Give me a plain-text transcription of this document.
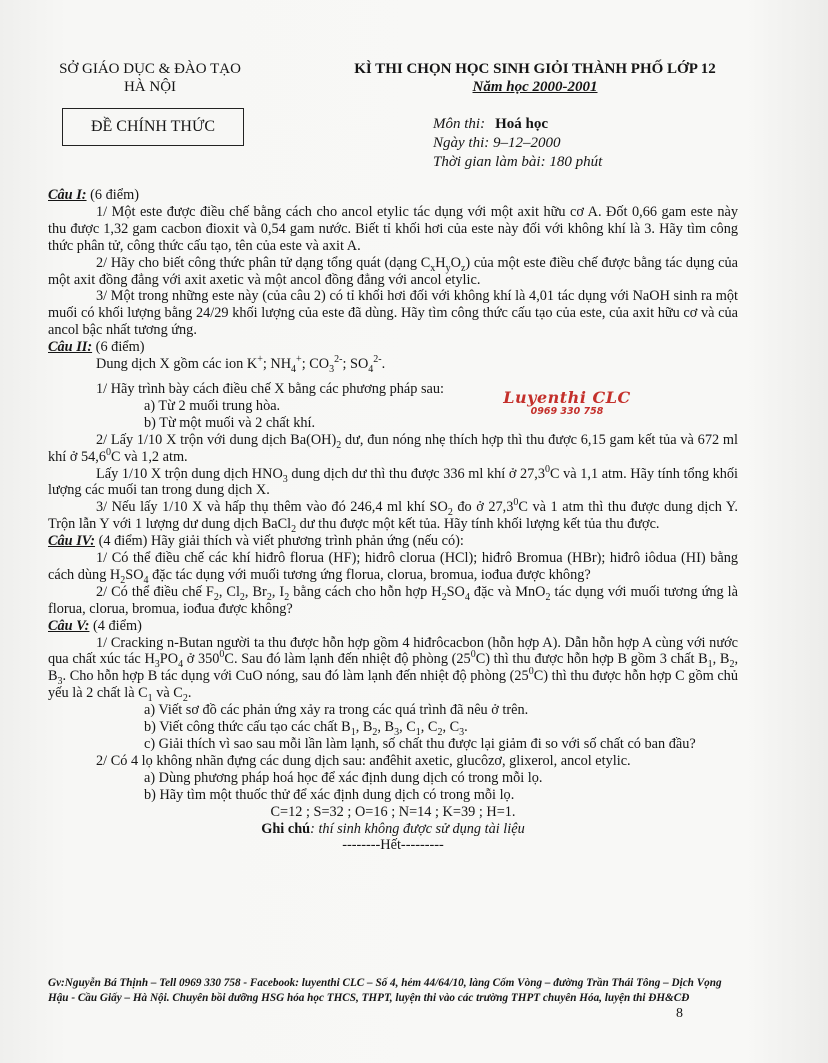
SỞ GIÁO DỤC & ĐÀO TẠO
HÀ NỘI
KÌ THI CHỌN HỌC SINH GIỎI THÀNH PHỐ LỚP 12
Năm học 2000-2001
ĐỀ CHÍNH THỨC	Môn thi: Hoá học
Ngày thi: 9–12–2000
Thời gian làm bài: 180 phút

Câu I: (6 điểm)

1/ Một este được điều chế bằng cách cho ancol etylic tác dụng với một axit hữu cơ A. Đốt 0,66 gam este này thu được 1,32 gam cacbon đioxit và 0,54 gam nước. Biết tỉ khối hơi của este này đối với không khí là 3. Hãy tìm công thức phân tử, công thức cấu tạo, tên của este và axit A.

2/ Hãy cho biết công thức phân tử dạng tổng quát (dạng $C_xH_yO_z$) của một este điều chế được bằng tác dụng của một axit đồng đẳng với axit axetic và một ancol đồng đẳng với ancol etylic.

3/ Một trong những este này (của câu 2) có tỉ khối hơi đối với không khí là 4,01 tác dụng với NaOH sinh ra một muối có khối lượng bằng 24/29 khối lượng của este đã dùng. Hãy tìm công thức cấu tạo của este, của axit hữu cơ và của ancol bậc nhất tương ứng.

Câu II: (6 điểm)

Dung dịch X gồm các ion K+; $NH_4^+$; $CO_3^{2-}$; $SO_4^{2-}$.

1/ Hãy trình bày cách điều chế X bằng các phương pháp sau:

a) Từ 2 muối trung hòa.

b) Từ một muối và 2 chất khí.

2/ Lấy 1/10 X trộn với dung dịch $Ba(OH)_2$ dư, đun nóng nhẹ thích hợp thì thu được 6,15 gam kết tủa và 672 ml khí ở 54,6$^0$C và 1,2 atm.

Lấy 1/10 X trộn dung dịch $HNO_3$ dung dịch dư thì thu được 336 ml khí ở 27,3$^0$C và 1,1 atm. Hãy tính tổng khối lượng các muối tan trong dung dịch X.

3/ Nếu lấy 1/10 X và hấp thụ thêm vào đó 246,4 ml khí $SO_2$ đo ở 27,3$^0$C và 1 atm thì thu được dung dịch Y. Trộn lẫn Y với 1 lượng dư dung dịch BaCl$_2$ dư thu được một kết tủa. Hãy tính khối lượng kết tủa thu được.

Câu IV: (4 điểm) Hãy giải thích và viết phương trình phản ứng (nếu có):

1/ Có thể điều chế các khí hiđrô florua (HF); hiđrô clorua (HCl); hiđrô Bromua (HBr); hiđrô iôdua (HI) bằng cách dùng $H_2SO_4$ đặc tác dụng với muối tương ứng florua, clorua, bromua, iođua được không?

2/ Có thể điều chế $F_2$, $Cl_2$, $Br_2$, $I_2$ bằng cách cho hỗn hợp $H_2SO_4$ đặc và MnO$_2$ tác dụng với muối tương ứng là florua, clorua, bromua, iođua được không?

Câu V: (4 điểm)

1/ Cracking n-Butan người ta thu được hỗn hợp gồm 4 hiđrôcacbon (hỗn hợp A). Dẫn hỗn hợp A cùng với nước qua chất xúc tác $H_3PO_4$ ở $350^0C$. Sau đó làm lạnh đến nhiệt độ phòng $(25^0C)$ thì thu được hỗn hợp B gồm 3 chất $B_1$, $B_2$, $B_3$. Cho hỗn hợp B tác dụng với CuO nóng, sau đó làm lạnh đến nhiệt độ phòng $(25^0C)$ thì thu được hỗn hợp C gồm chủ yếu là 2 chất là $C_1$ và $C_2$.

a) Viết sơ đồ các phản ứng xảy ra trong các quá trình đã nêu ở trên.

b) Viết công thức cấu tạo các chất $B_1$, $B_2$, $B_3$, $C_1$, $C_2$, $C_3$.

c) Giải thích vì sao sau mỗi lần làm lạnh, số chất thu được lại giảm đi so với số chất có ban đầu?

2/ Có 4 lọ không nhãn đựng các dung dịch sau: anđêhit axetic, glucôzơ, glixerol, ancol etylic.

a) Dùng phương pháp hoá học để xác định dung dịch có trong mỗi lọ.

b) Hãy tìm một thuốc thử để xác định dung dịch có trong mỗi lọ.

C=12 ; S=32 ; O=16 ; N=14 ; K=39 ; H=1.

Ghi chú: thí sinh không được sử dụng tài liệu

--------Hết---------

Luyenthi CLC
0969 330 758
Gv:Nguyễn Bá Thịnh – Tell 0969 330 758 - Facebook: luyenthi CLC – Số 4, hẻm 44/64/10, làng Cốm Vòng – đường Trần Thái Tông – Dịch Vọng Hậu - Cầu Giấy – Hà Nội. Chuyên bồi dưỡng HSG hóa học THCS, THPT, luyện thi vào các trường THPT chuyên Hóa, luyện thi ĐH&CĐ
8
